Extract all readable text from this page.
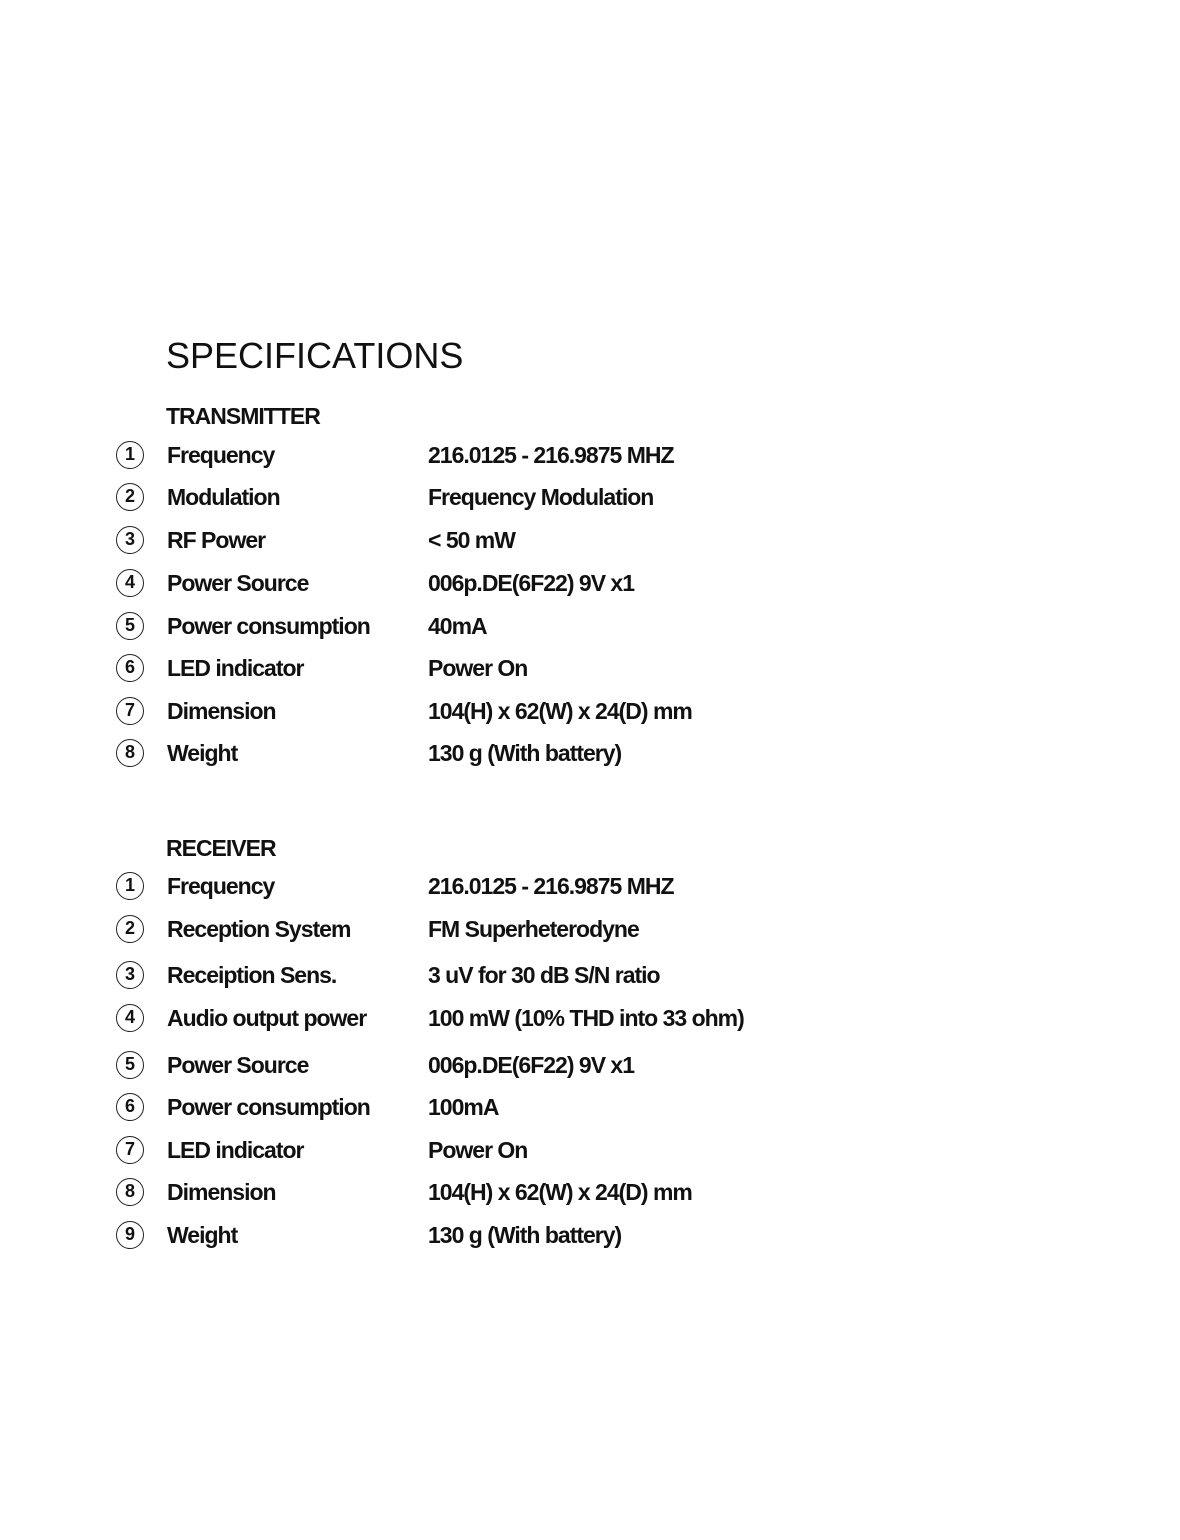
SPECIFICATIONS
TRANSMITTER
1	Frequency	216.0125 - 216.9875 MHZ
2	Modulation	Frequency Modulation
3	RF Power	< 50 mW
4	Power Source	006p.DE(6F22) 9V x1
5	Power consumption	40mA
6	LED indicator	Power On
7	Dimension	104(H) x 62(W) x 24(D) mm
8	Weight	130 g (With battery)
RECEIVER
1	Frequency	216.0125 - 216.9875 MHZ
2	Reception System	FM Superheterodyne
3	Receiption Sens.	3 uV for 30 dB S/N ratio
4	Audio output power	100 mW (10% THD into 33 ohm)
5	Power Source	006p.DE(6F22) 9V x1
6	Power consumption	100mA
7	LED indicator	Power On
8	Dimension	104(H) x 62(W) x 24(D) mm
9	Weight	130 g (With battery)
